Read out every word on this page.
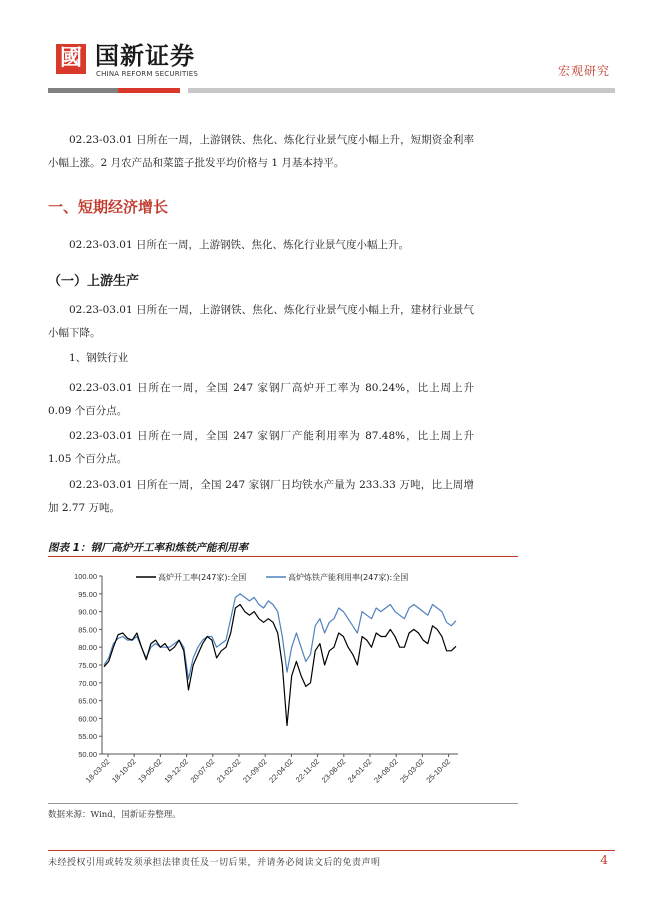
國 国新证券
CHINA REFORM SECURITIES	宏观研究
02.23-03.01 日所在一周，上游钢铁、焦化、炼化行业景气度小幅上升，短期资金利率小幅上涨。2 月农产品和菜篮子批发平均价格与 1 月基本持平。
一、短期经济增长
02.23-03.01 日所在一周，上游钢铁、焦化、炼化行业景气度小幅上升。
（一）上游生产
02.23-03.01 日所在一周，上游钢铁、焦化、炼化行业景气度小幅上升，建材行业景气小幅下降。
1、钢铁行业
02.23-03.01 日所在一周，全国 247 家钢厂高炉开工率为 80.24%，比上周上升 0.09 个百分点。
02.23-03.01 日所在一周，全国 247 家钢厂产能利用率为 87.48%，比上周上升 1.05 个百分点。
02.23-03.01 日所在一周，全国 247 家钢厂日均铁水产量为 233.33 万吨，比上周增加 2.77 万吨。
图表 1：钢厂高炉开工率和炼铁产能利用率
100.00
95.00
90.00
85.00
80.00
75.00
70.00
65.00
60.00
55.00
50.00
18-03-02
18-10-02
19-05-02
19-12-02
20-07-02
21-02-02
21-09-02
22-04-02
22-11-02
23-06-02
24-01-02
24-08-02
25-03-02
25-10-02
高炉开工率(247家):全国	高炉炼铁产能利用率(247家):全国
数据来源：Wind，国新证券整理。
未经授权引用或转发须承担法律责任及一切后果，并请务必阅读文后的免责声明	4
